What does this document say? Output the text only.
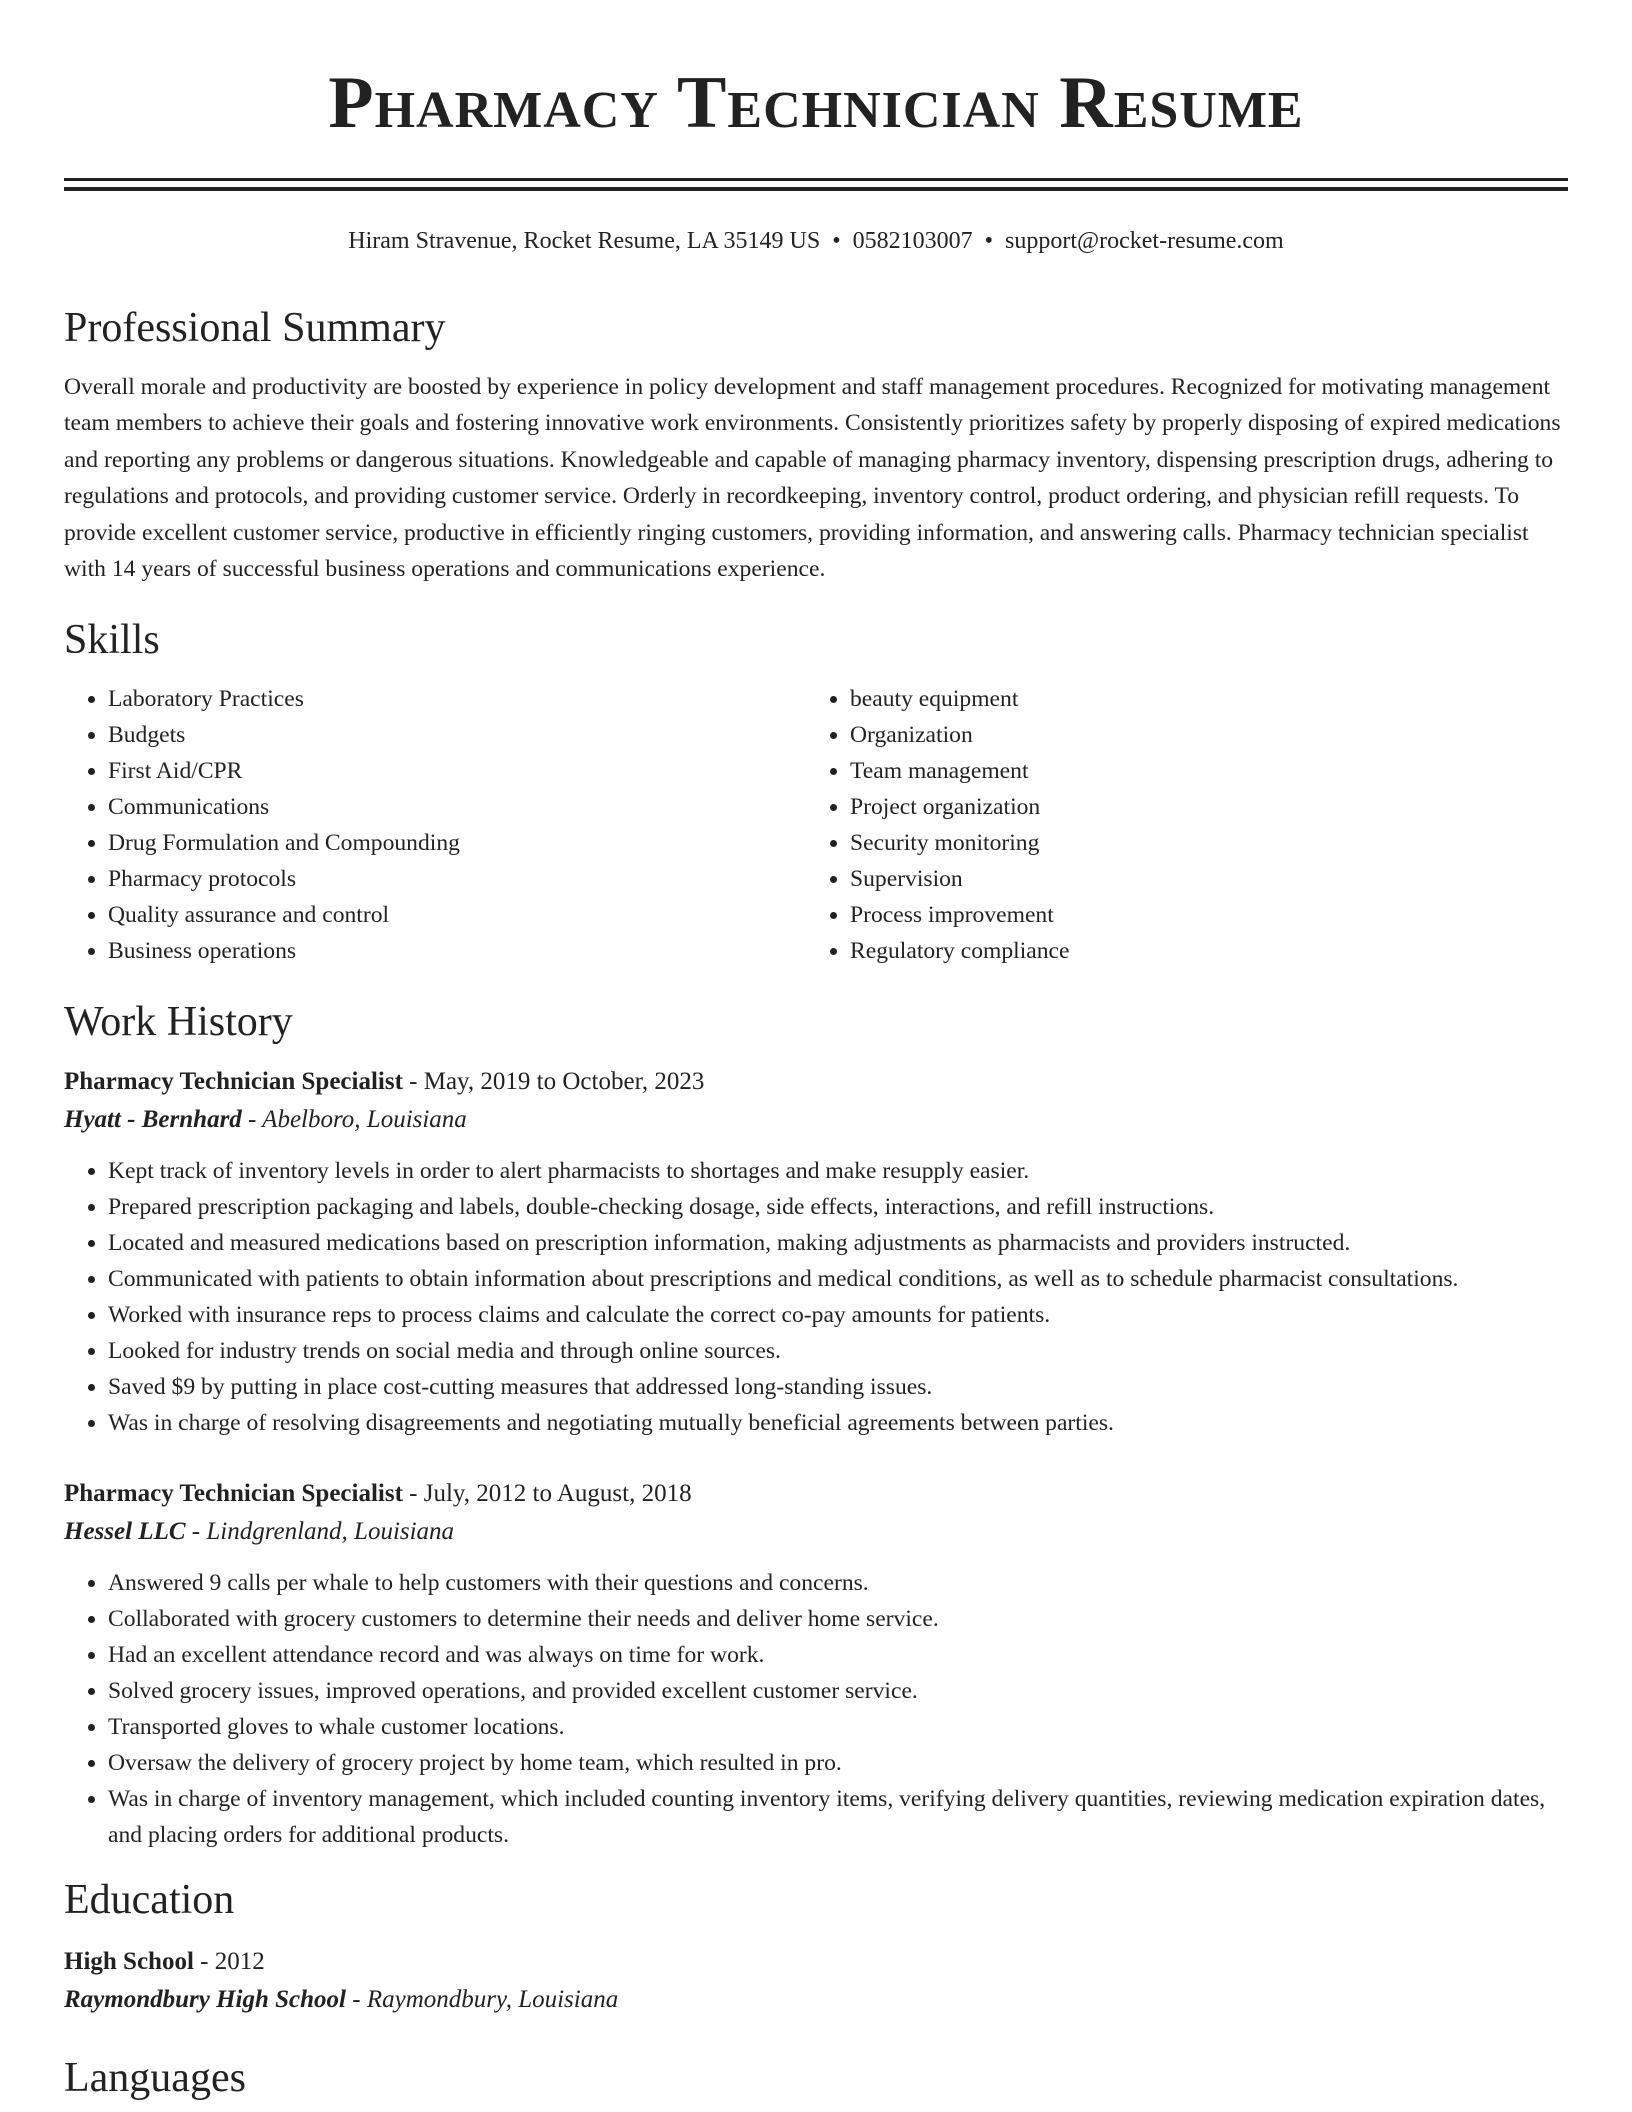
Pharmacy Technician Resume
Hiram Stravenue, Rocket Resume, LA 35149 US • 0582103007 • support@rocket-resume.com
Professional Summary

Overall morale and productivity are boosted by experience in policy development and staff management procedures. Recognized for motivating management team members to achieve their goals and fostering innovative work environments. Consistently prioritizes safety by properly disposing of expired medications and reporting any problems or dangerous situations. Knowledgeable and capable of managing pharmacy inventory, dispensing prescription drugs, adhering to regulations and protocols, and providing customer service. Orderly in recordkeeping, inventory control, product ordering, and physician refill requests. To provide excellent customer service, productive in efficiently ringing customers, providing information, and answering calls. Pharmacy technician specialist with 14 years of successful business operations and communications experience.

Skills
• Laboratory Practices
• Budgets
• First Aid/CPR
• Communications
• Drug Formulation and Compounding
• Pharmacy protocols
• Quality assurance and control
• Business operations
• beauty equipment
• Organization
• Team management
• Project organization
• Security monitoring
• Supervision
• Process improvement
• Regulatory compliance
Work History
Pharmacy Technician Specialist - May, 2019 to October, 2023
Hyatt - Bernhard - Abelboro, Louisiana
• Kept track of inventory levels in order to alert pharmacists to shortages and make resupply easier.
• Prepared prescription packaging and labels, double-checking dosage, side effects, interactions, and refill instructions.
• Located and measured medications based on prescription information, making adjustments as pharmacists and providers instructed.
• Communicated with patients to obtain information about prescriptions and medical conditions, as well as to schedule pharmacist consultations.
• Worked with insurance reps to process claims and calculate the correct co-pay amounts for patients.
• Looked for industry trends on social media and through online sources.
• Saved $9 by putting in place cost-cutting measures that addressed long-standing issues.
• Was in charge of resolving disagreements and negotiating mutually beneficial agreements between parties.
Pharmacy Technician Specialist - July, 2012 to August, 2018
Hessel LLC - Lindgrenland, Louisiana
• Answered 9 calls per whale to help customers with their questions and concerns.
• Collaborated with grocery customers to determine their needs and deliver home service.
• Had an excellent attendance record and was always on time for work.
• Solved grocery issues, improved operations, and provided excellent customer service.
• Transported gloves to whale customer locations.
• Oversaw the delivery of grocery project by home team, which resulted in pro.
• Was in charge of inventory management, which included counting inventory items, verifying delivery quantities, reviewing medication expiration dates, and placing orders for additional products.
Education
High School - 2012
Raymondbury High School - Raymondbury, Louisiana
Languages
